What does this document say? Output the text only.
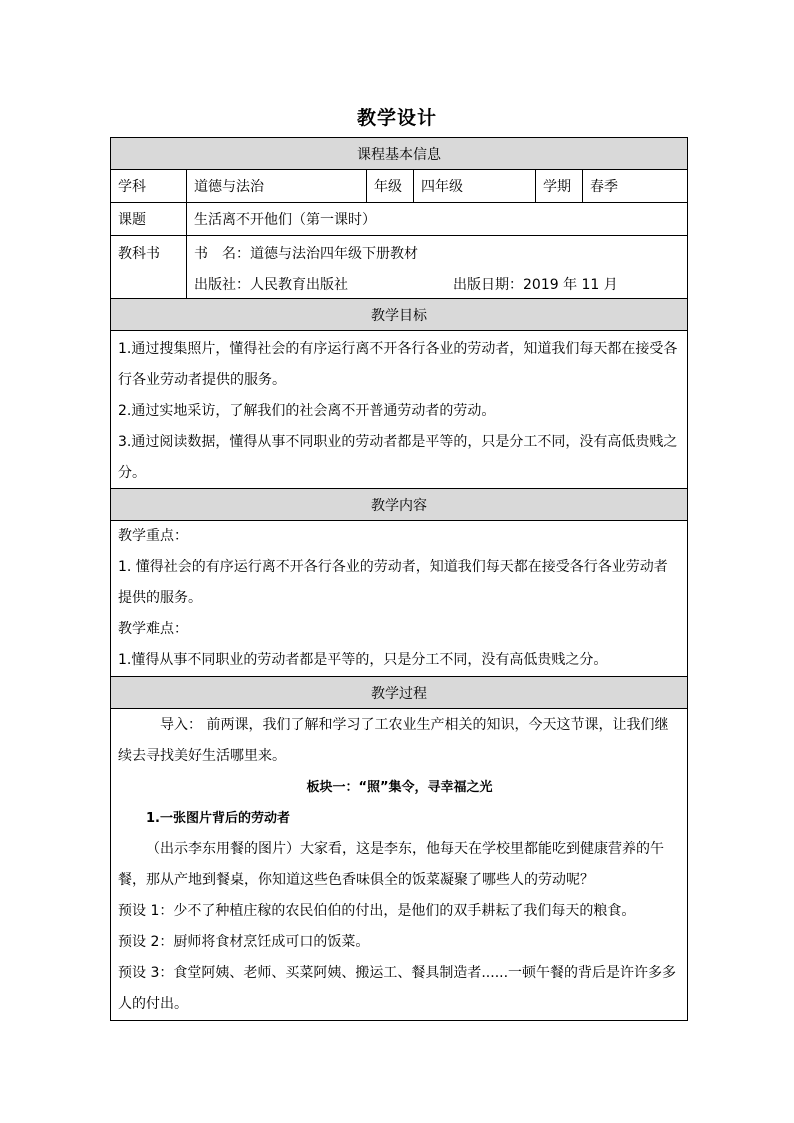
教学设计
课程基本信息
学科	道德与法治	年级	四年级	学期	春季
课题	生活离不开他们（第一课时）
教科书	书　名：道德与法治四年级下册教材
出版社：人民教育出版社	出版日期：2019 年 11 月
教学目标
1.通过搜集照片，懂得社会的有序运行离不开各行各业的劳动者，知道我们每天都在接受各行各业劳动者提供的服务。
2.通过实地采访，了解我们的社会离不开普通劳动者的劳动。
3.通过阅读数据，懂得从事不同职业的劳动者都是平等的，只是分工不同，没有高低贵贱之分。
教学内容
教学重点：
1. 懂得社会的有序运行离不开各行各业的劳动者，知道我们每天都在接受各行各业劳动者提供的服务。
教学难点：
1.懂得从事不同职业的劳动者都是平等的，只是分工不同，没有高低贵贱之分。
教学过程
导入： 前两课，我们了解和学习了工农业生产相关的知识，今天这节课，让我们继续去寻找美好生活哪里来。
板块一：“照”集令，寻幸福之光
1.一张图片背后的劳动者
（出示李东用餐的图片）大家看，这是李东，他每天在学校里都能吃到健康营养的午餐，那从产地到餐桌，你知道这些色香味俱全的饭菜凝聚了哪些人的劳动呢？
预设 1：少不了种植庄稼的农民伯伯的付出，是他们的双手耕耘了我们每天的粮食。
预设 2：厨师将食材烹饪成可口的饭菜。
预设 3：食堂阿姨、老师、买菜阿姨、搬运工、餐具制造者......一顿午餐的背后是许许多多人的付出。
